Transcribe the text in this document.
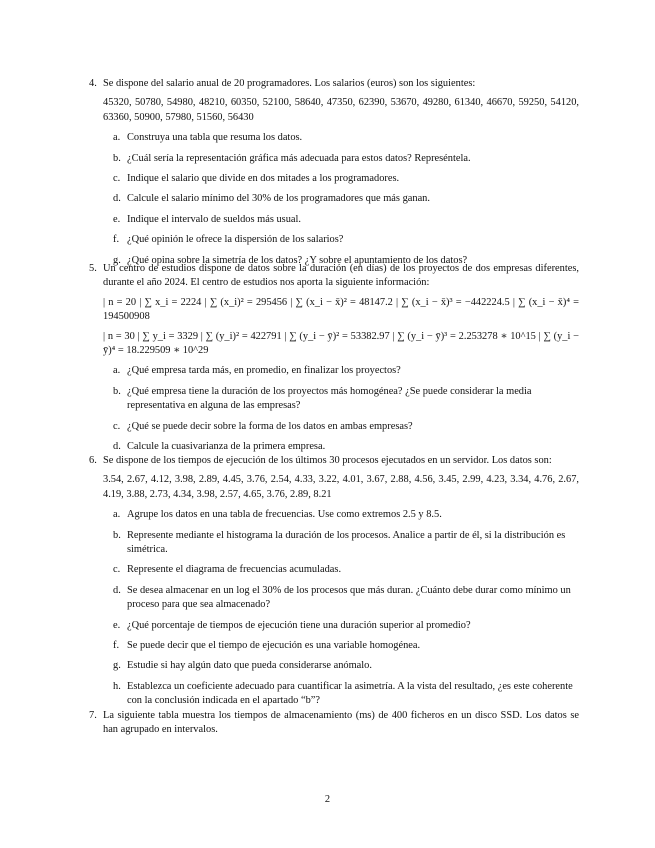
4. Se dispone del salario anual de 20 programadores. Los salarios (euros) son los siguientes:
45320, 50780, 54980, 48210, 60350, 52100, 58640, 47350, 62390, 53670, 49280, 61340, 46670, 59250, 54120, 63360, 50900, 57980, 51560, 56430
a. Construya una tabla que resuma los datos.
b. ¿Cuál sería la representación gráfica más adecuada para estos datos? Represéntela.
c. Indique el salario que divide en dos mitades a los programadores.
d. Calcule el salario mínimo del 30% de los programadores que más ganan.
e. Indique el intervalo de sueldos más usual.
f. ¿Qué opinión le ofrece la dispersión de los salarios?
g. ¿Qué opina sobre la simetría de los datos? ¿Y sobre el apuntamiento de los datos?
5. Un centro de estudios dispone de datos sobre la duración (en días) de los proyectos de dos empresas diferentes, durante el año 2024. El centro de estudios nos aporta la siguiente información:
| n = 20 | ∑ x_i = 2224 | ∑ (x_i)² = 295456 | ∑ (x_i − x̄)² = 48147.2 | ∑ (x_i − x̄)³ = −442224.5 | ∑ (x_i − x̄)⁴ = 194500908
| n = 30 | ∑ y_i = 3329 | ∑ (y_i)² = 422791 | ∑ (y_i − ȳ)² = 53382.97 | ∑ (y_i − ȳ)³ = 2.253278 ∗ 10^15 | ∑ (y_i − ȳ)⁴ = 18.229509 ∗ 10^29
a. ¿Qué empresa tarda más, en promedio, en finalizar los proyectos?
b. ¿Qué empresa tiene la duración de los proyectos más homogénea? ¿Se puede considerar la media representativa en alguna de las empresas?
c. ¿Qué se puede decir sobre la forma de los datos en ambas empresas?
d. Calcule la cuasivarianza de la primera empresa.
6. Se dispone de los tiempos de ejecución de los últimos 30 procesos ejecutados en un servidor. Los datos son:
3.54, 2.67, 4.12, 3.98, 2.89, 4.45, 3.76, 2.54, 4.33, 3.22, 4.01, 3.67, 2.88, 4.56, 3.45, 2.99, 4.23, 3.34, 4.76, 2.67, 4.19, 3.88, 2.73, 4.34, 3.98, 2.57, 4.65, 3.76, 2.89, 8.21
a. Agrupe los datos en una tabla de frecuencias. Use como extremos 2.5 y 8.5.
b. Represente mediante el histograma la duración de los procesos. Analice a partir de él, si la distribución es simétrica.
c. Represente el diagrama de frecuencias acumuladas.
d. Se desea almacenar en un log el 30% de los procesos que más duran. ¿Cuánto debe durar como mínimo un proceso para que sea almacenado?
e. ¿Qué porcentaje de tiempos de ejecución tiene una duración superior al promedio?
f. Se puede decir que el tiempo de ejecución es una variable homogénea.
g. Estudie si hay algún dato que pueda considerarse anómalo.
h. Establezca un coeficiente adecuado para cuantificar la asimetría. A la vista del resultado, ¿es este coherente con la conclusión indicada en el apartado “b”?
7. La siguiente tabla muestra los tiempos de almacenamiento (ms) de 400 ficheros en un disco SSD. Los datos se han agrupado en intervalos.
2
